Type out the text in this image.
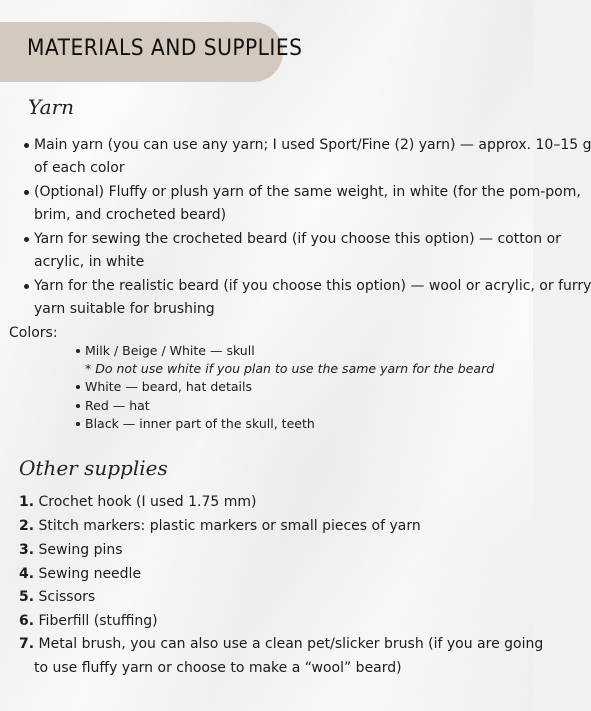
MATERIALS AND SUPPLIES
Yarn
Main yarn (you can use any yarn; I used Sport/Fine (2) yarn) — approx. 10–15 g
of each color
(Optional) Fluffy or plush yarn of the same weight, in white (for the pom-pom,
brim, and crocheted beard)
Yarn for sewing the crocheted beard (if you choose this option) — cotton or
acrylic, in white
Yarn for the realistic beard (if you choose this option) — wool or acrylic, or furry
yarn suitable for brushing
Colors:
Milk / Beige / White — skull
* Do not use white if you plan to use the same yarn for the beard
White — beard, hat details
Red — hat
Black — inner part of the skull, teeth
Other supplies
1. Crochet hook (I used 1.75 mm)
2. Stitch markers: plastic markers or small pieces of yarn
3. Sewing pins
4. Sewing needle
5. Scissors
6. Fiberfill (stuffing)
7. Metal brush, you can also use a clean pet/slicker brush (if you are going
to use fluffy yarn or choose to make a “wool” beard)
